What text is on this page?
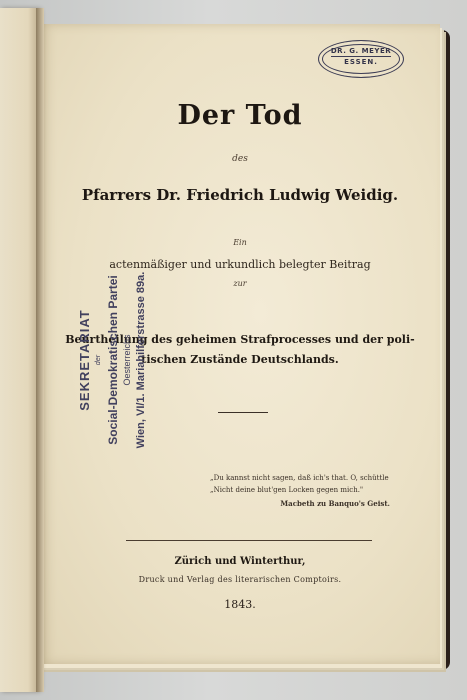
DR. G. MEYER
ESSEN.
Der Tod
des
Pfarrers Dr. Friedrich Ludwig Weidig.
Ein
actenmäßiger und urkundlich belegter Beitrag
zur
Beurtheilung des geheimen Strafprocesses und der poli-
tischen Zustände Deutschlands.
SEKRETARIAT der Social-Demokratischen Partei Oesterreichs Wien, VI/1. Mariahilferstrasse 89a.
„Du kannst nicht sagen, daß ich's that. O, schüttle
„Nicht deine blut'gen Locken gegen mich."
Macbeth zu Banquo's Geist.
Zürich und Winterthur,
Druck und Verlag des literarischen Comptoirs.
1843.
